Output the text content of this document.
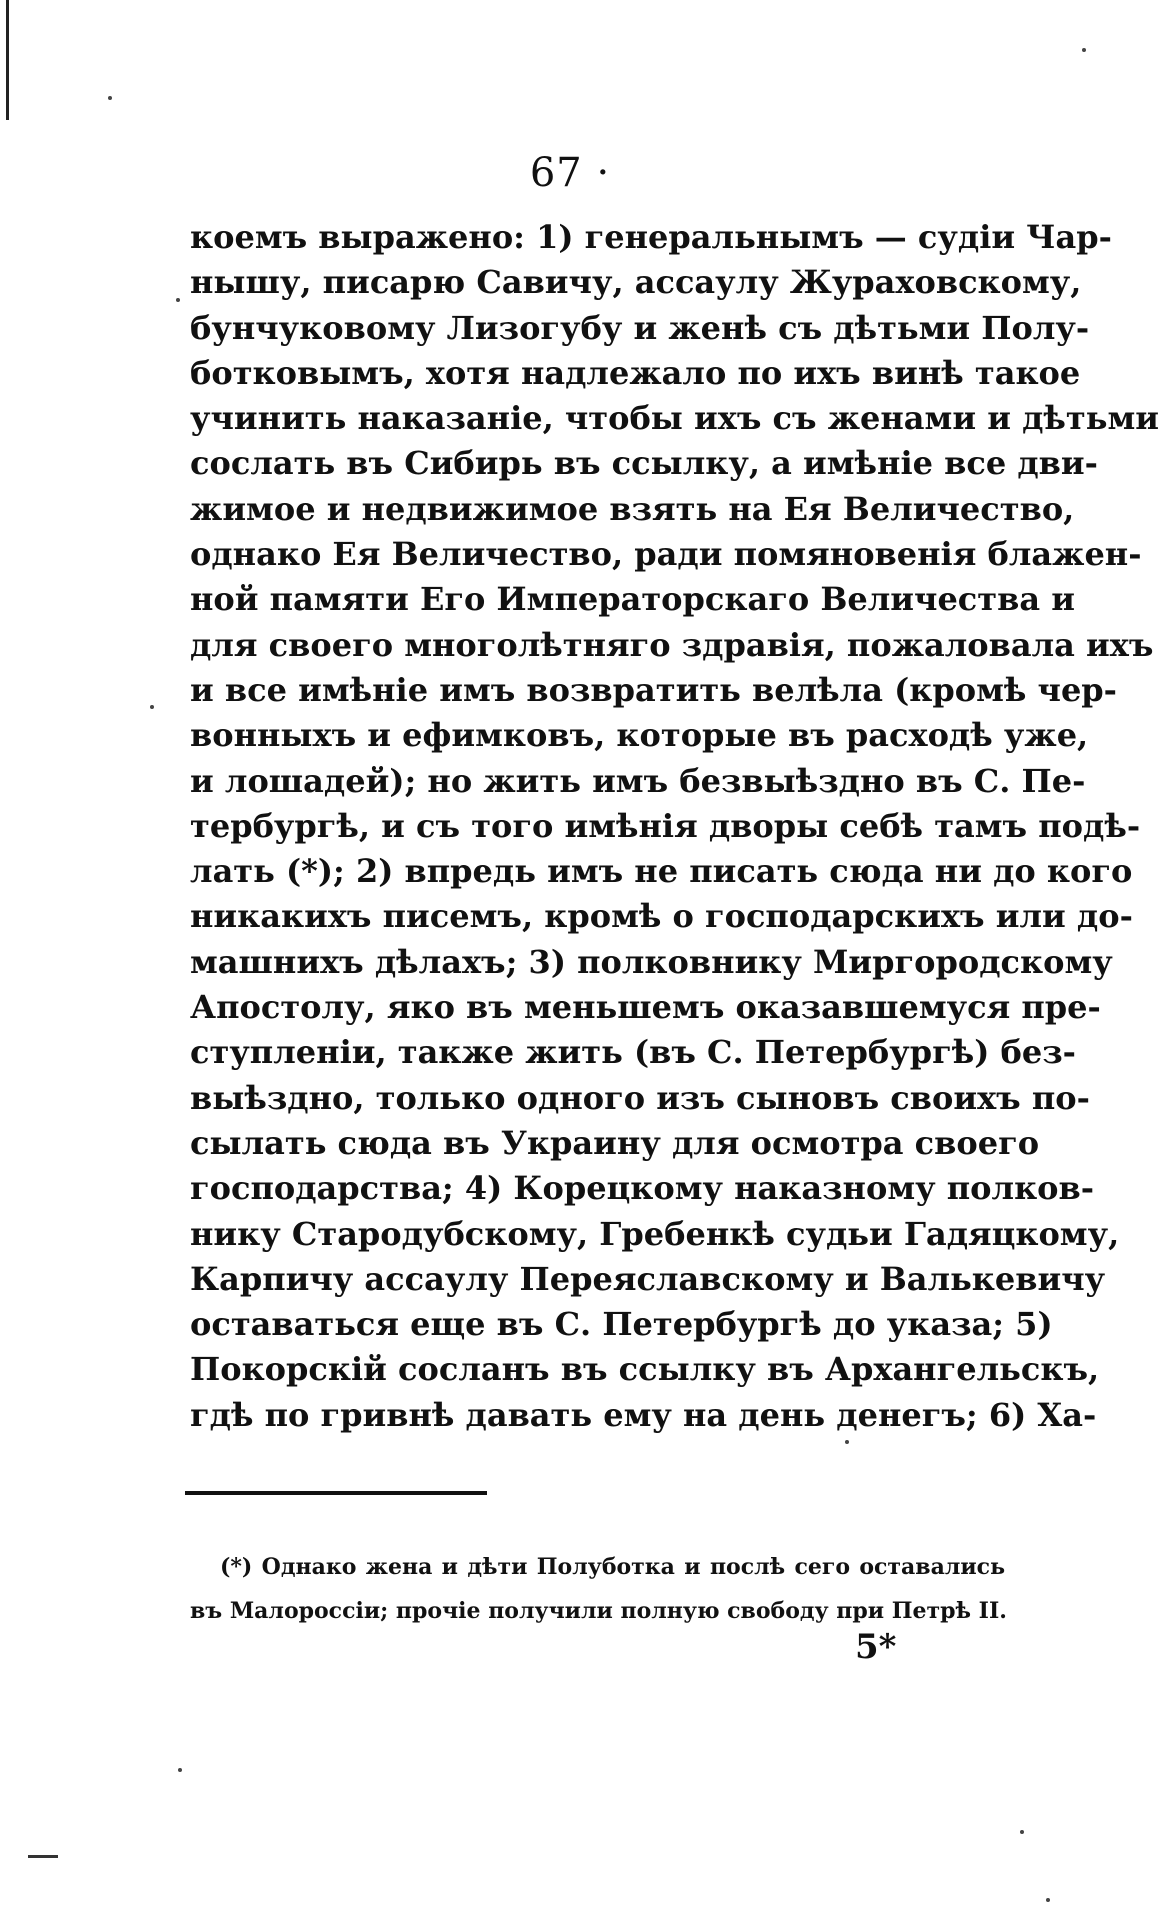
67 ·
коемъ выражено: 1) генеральнымъ — судіи Чар-
нышу, писарю Савичу, ассаулу Жураховскому,
бунчуковому Лизогубу и женѣ съ дѣтьми Полу-
ботковымъ, хотя надлежало по ихъ винѣ такое
учинить наказаніе, чтобы ихъ съ женами и дѣтьми
сослать въ Сибирь въ ссылку, а имѣніе все дви-
жимое и недвижимое взять на Ея Величество,
однако Ея Величество, ради помяновенія блажен-
ной памяти Его Императорскаго Величества и
для своего многолѣтняго здравія, пожаловала ихъ
и все имѣніе имъ возвратить велѣла (кромѣ чер-
вонныхъ и ефимковъ, которые въ расходѣ уже,
и лошадей); но жить имъ безвыѣздно въ С. Пе-
тербургѣ, и съ того имѣнія дворы себѣ тамъ подѣ-
лать (*); 2) впредь имъ не писать сюда ни до кого
никакихъ писемъ, кромѣ о господарскихъ или до-
машнихъ дѣлахъ; 3) полковнику Миргородскому
Апостолу, яко въ меньшемъ оказавшемуся пре-
ступленіи, также жить (въ С. Петербургѣ) без-
выѣздно, только одного изъ сыновъ своихъ по-
сылать сюда въ Украину для осмотра своего
господарства; 4) Корецкому наказному полков-
нику Стародубскому, Гребенкѣ судьи Гадяцкому,
Карпичу ассаулу Переяславскому и Валькевичу
оставаться еще въ С. Петербургѣ до указа; 5)
Покорскій сосланъ въ ссылку въ Архангельскъ,
гдѣ по гривнѣ давать ему на день денегъ; 6) Ха-
(*) Однако жена и дѣти Полуботка и послѣ сего оставались
въ Малороссіи; прочіе получили полную свободу при Петрѣ II.
5*
